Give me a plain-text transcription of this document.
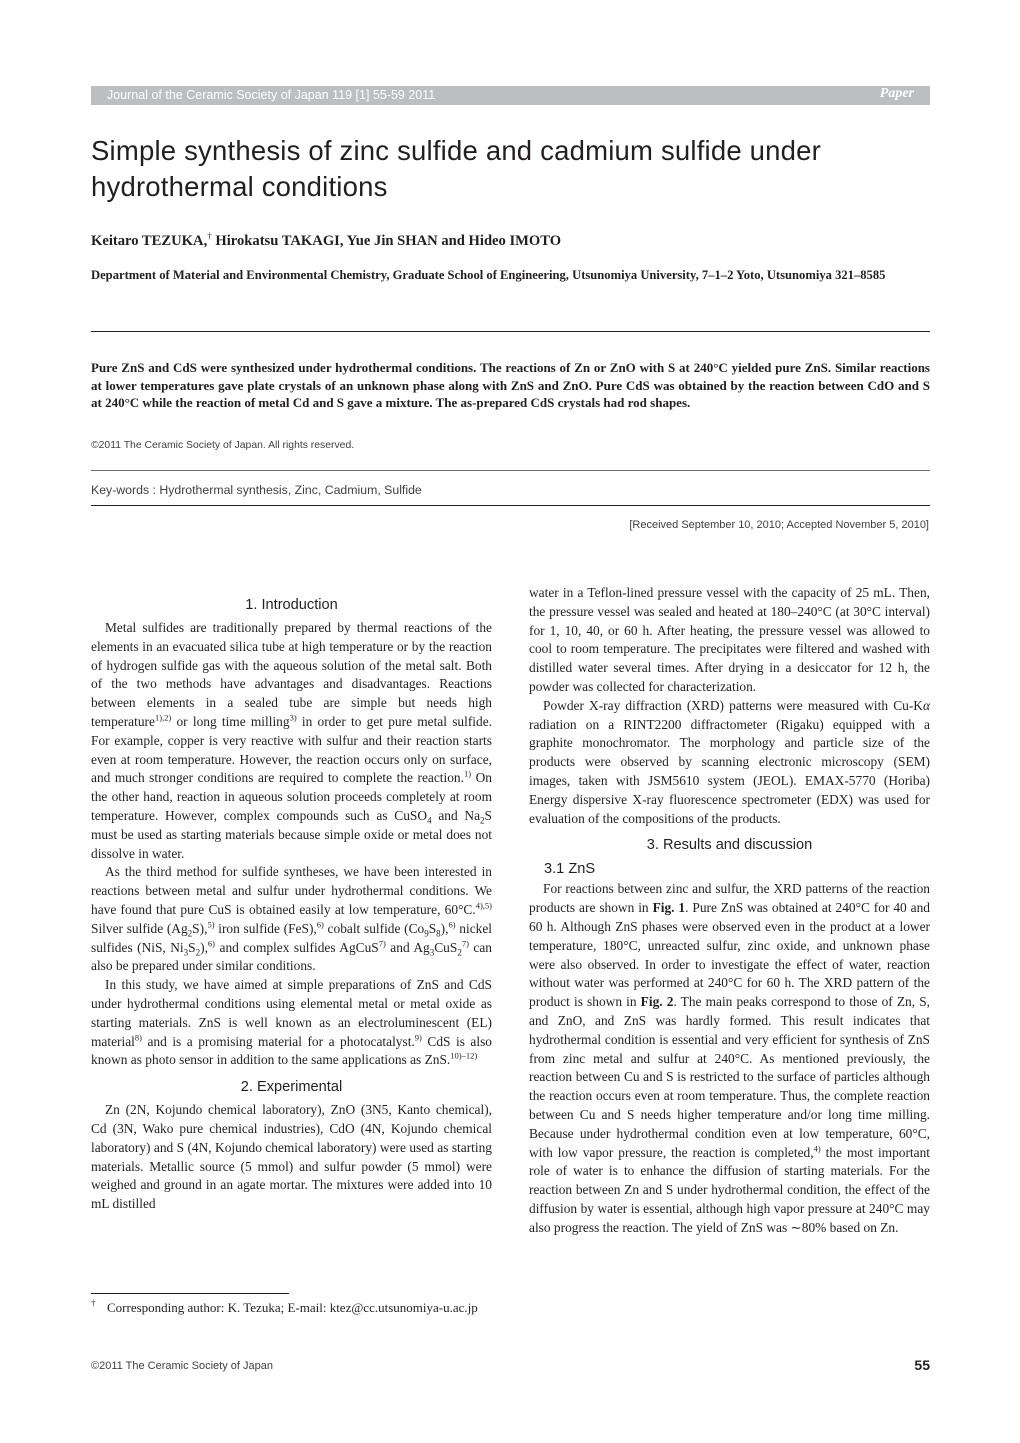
Journal of the Ceramic Society of Japan 119 [1] 55-59 2011	Paper
Simple synthesis of zinc sulfide and cadmium sulfide under hydrothermal conditions
Keitaro TEZUKA,† Hirokatsu TAKAGI, Yue Jin SHAN and Hideo IMOTO
Department of Material and Environmental Chemistry, Graduate School of Engineering, Utsunomiya University, 7–1–2 Yoto, Utsunomiya 321–8585
Pure ZnS and CdS were synthesized under hydrothermal conditions. The reactions of Zn or ZnO with S at 240°C yielded pure ZnS. Similar reactions at lower temperatures gave plate crystals of an unknown phase along with ZnS and ZnO. Pure CdS was obtained by the reaction between CdO and S at 240°C while the reaction of metal Cd and S gave a mixture. The as-prepared CdS crystals had rod shapes.
©2011 The Ceramic Society of Japan. All rights reserved.
Key-words : Hydrothermal synthesis, Zinc, Cadmium, Sulfide
[Received September 10, 2010; Accepted November 5, 2010]
1. Introduction

Metal sulfides are traditionally prepared by thermal reactions of the elements in an evacuated silica tube at high temperature or by the reaction of hydrogen sulfide gas with the aqueous solution of the metal salt. Both of the two methods have advantages and disadvantages. Reactions between elements in a sealed tube are simple but needs high temperature$^{1),2)}$ or long time milling$^{3)}$ in order to get pure metal sulfide. For example, copper is very reactive with sulfur and their reaction starts even at room temperature. However, the reaction occurs only on surface, and much stronger conditions are required to complete the reaction.$^{1)}$ On the other hand, reaction in aqueous solution proceeds completely at room temperature. However, complex compounds such as CuSO$_4$ and $Na_2S$ must be used as starting materials because simple oxide or metal does not dissolve in water.

As the third method for sulfide syntheses, we have been interested in reactions between metal and sulfur under hydrothermal conditions. We have found that pure CuS is obtained easily at low temperature, 60°C.$^{4),5)}$ Silver sulfide $(Ag_2S),^{5)}$ iron sulfide (FeS),$^{6)}$ cobalt sulfide $(Co_9S_8),^{6)}$ nickel sulfides (NiS, $Ni_3S_2),^{6)}$ and complex sulfides AgCuS$^{7)}$ and $Ag_3CuS_2^{7)}$ can also be prepared under similar conditions.

In this study, we have aimed at simple preparations of ZnS and CdS under hydrothermal conditions using elemental metal or metal oxide as starting materials. ZnS is well known as an electroluminescent (EL) material$^{8)}$ and is a promising material for a photocatalyst.$^{9)}$ CdS is also known as photo sensor in addition to the same applications as ZnS.$^{10)-12)}$

2. Experimental

Zn (2N, Kojundo chemical laboratory), ZnO (3N5, Kanto chemical), Cd (3N, Wako pure chemical industries), CdO (4N, Kojundo chemical laboratory) and S (4N, Kojundo chemical laboratory) were used as starting materials. Metallic source (5 mmol) and sulfur powder (5 mmol) were weighed and ground in an agate mortar. The mixtures were added into 10 mL distilled

water in a Teflon-lined pressure vessel with the capacity of 25 mL. Then, the pressure vessel was sealed and heated at 180–240°C (at 30°C interval) for 1, 10, 40, or 60 h. After heating, the pressure vessel was allowed to cool to room temperature. The precipitates were filtered and washed with distilled water several times. After drying in a desiccator for 12 h, the powder was collected for characterization.

Powder X-ray diffraction (XRD) patterns were measured with Cu-Kα radiation on a RINT2200 diffractometer (Rigaku) equipped with a graphite monochromator. The morphology and particle size of the products were observed by scanning electronic microscopy (SEM) images, taken with JSM5610 system (JEOL). EMAX-5770 (Horiba) Energy dispersive X-ray fluorescence spectrometer (EDX) was used for evaluation of the compositions of the products.

3. Results and discussion
3.1 ZnS

For reactions between zinc and sulfur, the XRD patterns of the reaction products are shown in Fig. 1. Pure ZnS was obtained at 240°C for 40 and 60 h. Although ZnS phases were observed even in the product at a lower temperature, 180°C, unreacted sulfur, zinc oxide, and unknown phase were also observed. In order to investigate the effect of water, reaction without water was performed at 240°C for 60 h. The XRD pattern of the product is shown in Fig. 2. The main peaks correspond to those of Zn, S, and ZnO, and ZnS was hardly formed. This result indicates that hydrothermal condition is essential and very efficient for synthesis of ZnS from zinc metal and sulfur at 240°C. As mentioned previously, the reaction between Cu and S is restricted to the surface of particles although the reaction occurs even at room temperature. Thus, the complete reaction between Cu and S needs higher temperature and/or long time milling. Because under hydrothermal condition even at low temperature, 60°C, with low vapor pressure, the reaction is completed,$^{4)}$ the most important role of water is to enhance the diffusion of starting materials. For the reaction between Zn and S under hydrothermal condition, the effect of the diffusion by water is essential, although high vapor pressure at 240°C may also progress the reaction. The yield of ZnS was ∼80% based on Zn.

† Corresponding author: K. Tezuka; E-mail: ktez@cc.utsunomiya-u.ac.jp
©2011 The Ceramic Society of Japan	55
